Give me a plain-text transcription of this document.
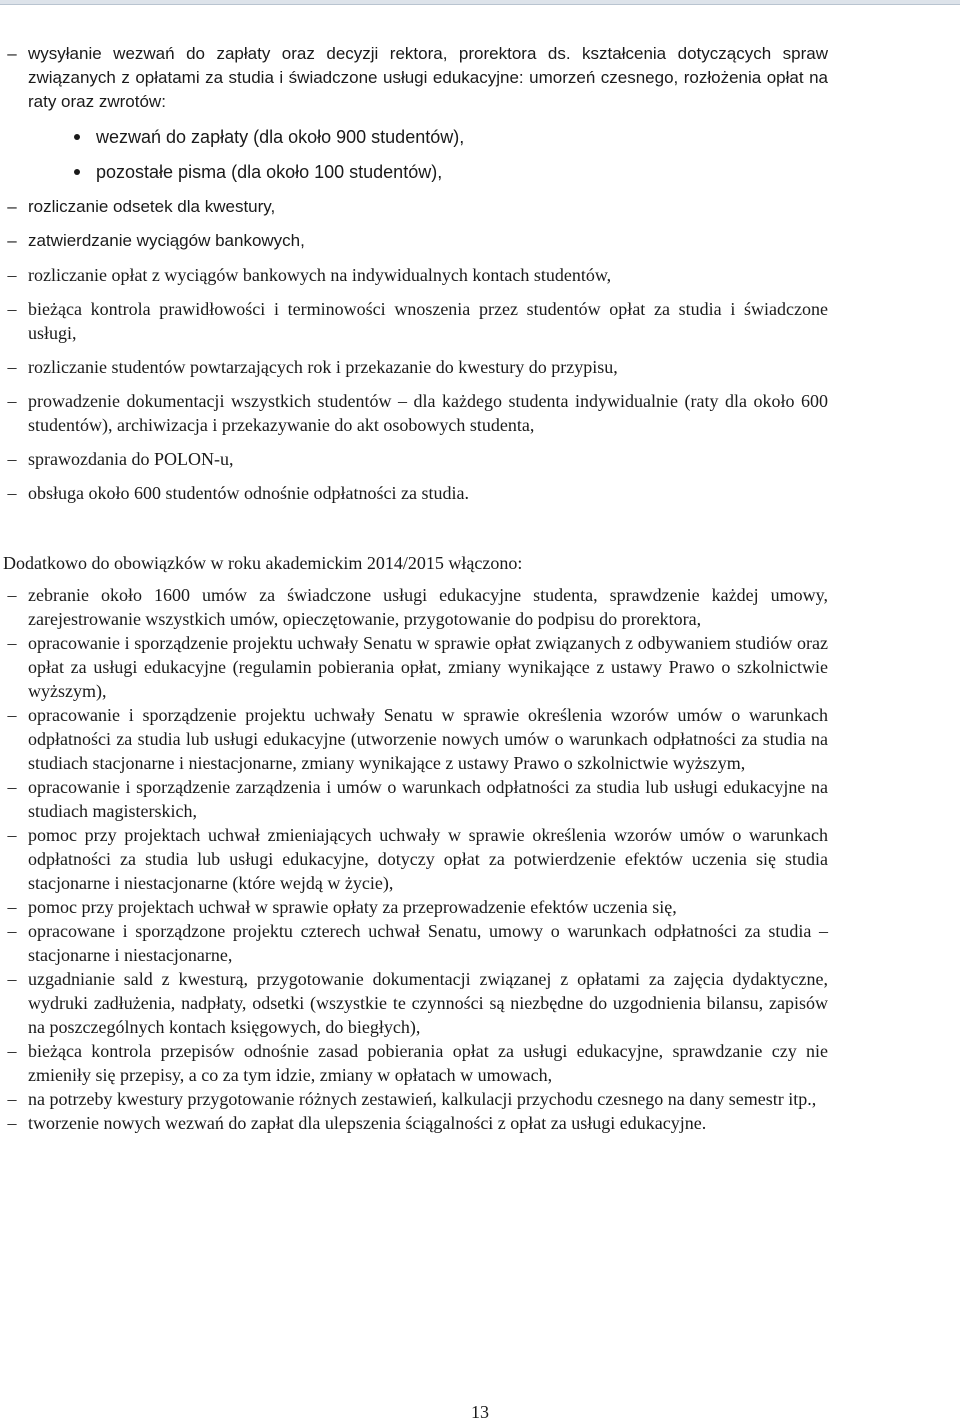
– wysyłanie wezwań do zapłaty oraz decyzji rektora, prorektora ds. kształcenia dotyczących spraw związanych z opłatami za studia i świadczone usługi edukacyjne: umorzeń czesnego, rozłożenia opłat na raty oraz zwrotów:
wezwań do zapłaty (dla około 900 studentów),
pozostałe pisma (dla około 100 studentów),
– rozliczanie odsetek dla kwestury,
– zatwierdzanie wyciągów bankowych,
– rozliczanie opłat z wyciągów bankowych na indywidualnych kontach studentów,
– bieżąca kontrola prawidłowości i terminowości wnoszenia przez studentów opłat za studia i świadczone usługi,
– rozliczanie studentów powtarzających rok i przekazanie do kwestury do przypisu,
– prowadzenie dokumentacji wszystkich studentów – dla każdego studenta indywidualnie (raty dla około 600 studentów), archiwizacja i przekazywanie do akt osobowych studenta,
– sprawozdania do POLON-u,
– obsługa około 600 studentów odnośnie odpłatności za studia.

Dodatkowo do obowiązków w roku akademickim 2014/2015 włączono:

– zebranie około 1600 umów za świadczone usługi edukacyjne studenta, sprawdzenie każdej umowy, zarejestrowanie wszystkich umów, opieczętowanie, przygotowanie do podpisu do prorektora,
– opracowanie i sporządzenie projektu uchwały Senatu w sprawie opłat związanych z odbywaniem studiów oraz opłat za usługi edukacyjne (regulamin pobierania opłat, zmiany wynikające z ustawy Prawo o szkolnictwie wyższym),
– opracowanie i sporządzenie projektu uchwały Senatu w sprawie określenia wzorów umów o warunkach odpłatności za studia lub usługi edukacyjne (utworzenie nowych umów o warunkach odpłatności za studia na studiach stacjonarne i niestacjonarne, zmiany wynikające z ustawy Prawo o szkolnictwie wyższym,
– opracowanie i sporządzenie zarządzenia i umów o warunkach odpłatności za studia lub usługi edukacyjne na studiach magisterskich,
– pomoc przy projektach uchwał zmieniających uchwały w sprawie określenia wzorów umów o warunkach odpłatności za studia lub usługi edukacyjne, dotyczy opłat za potwierdzenie efektów uczenia się studia stacjonarne i niestacjonarne (które wejdą w życie),
– pomoc przy projektach uchwał w sprawie opłaty za przeprowadzenie efektów uczenia się,
– opracowane i sporządzone projektu czterech uchwał Senatu, umowy o warunkach odpłatności za studia – stacjonarne i niestacjonarne,
– uzgadnianie sald z kwesturą, przygotowanie dokumentacji związanej z opłatami za zajęcia dydaktyczne, wydruki zadłużenia, nadpłaty, odsetki (wszystkie te czynności są niezbędne do uzgodnienia bilansu, zapisów na poszczególnych kontach księgowych, do biegłych),
– bieżąca kontrola przepisów odnośnie zasad pobierania opłat za usługi edukacyjne, sprawdzanie czy nie zmieniły się przepisy, a co za tym idzie, zmiany w opłatach w umowach,
– na potrzeby kwestury przygotowanie różnych zestawień, kalkulacji przychodu czesnego na dany semestr itp.,
– tworzenie nowych wezwań do zapłat dla ulepszenia ściągalności z opłat za usługi edukacyjne.
13
